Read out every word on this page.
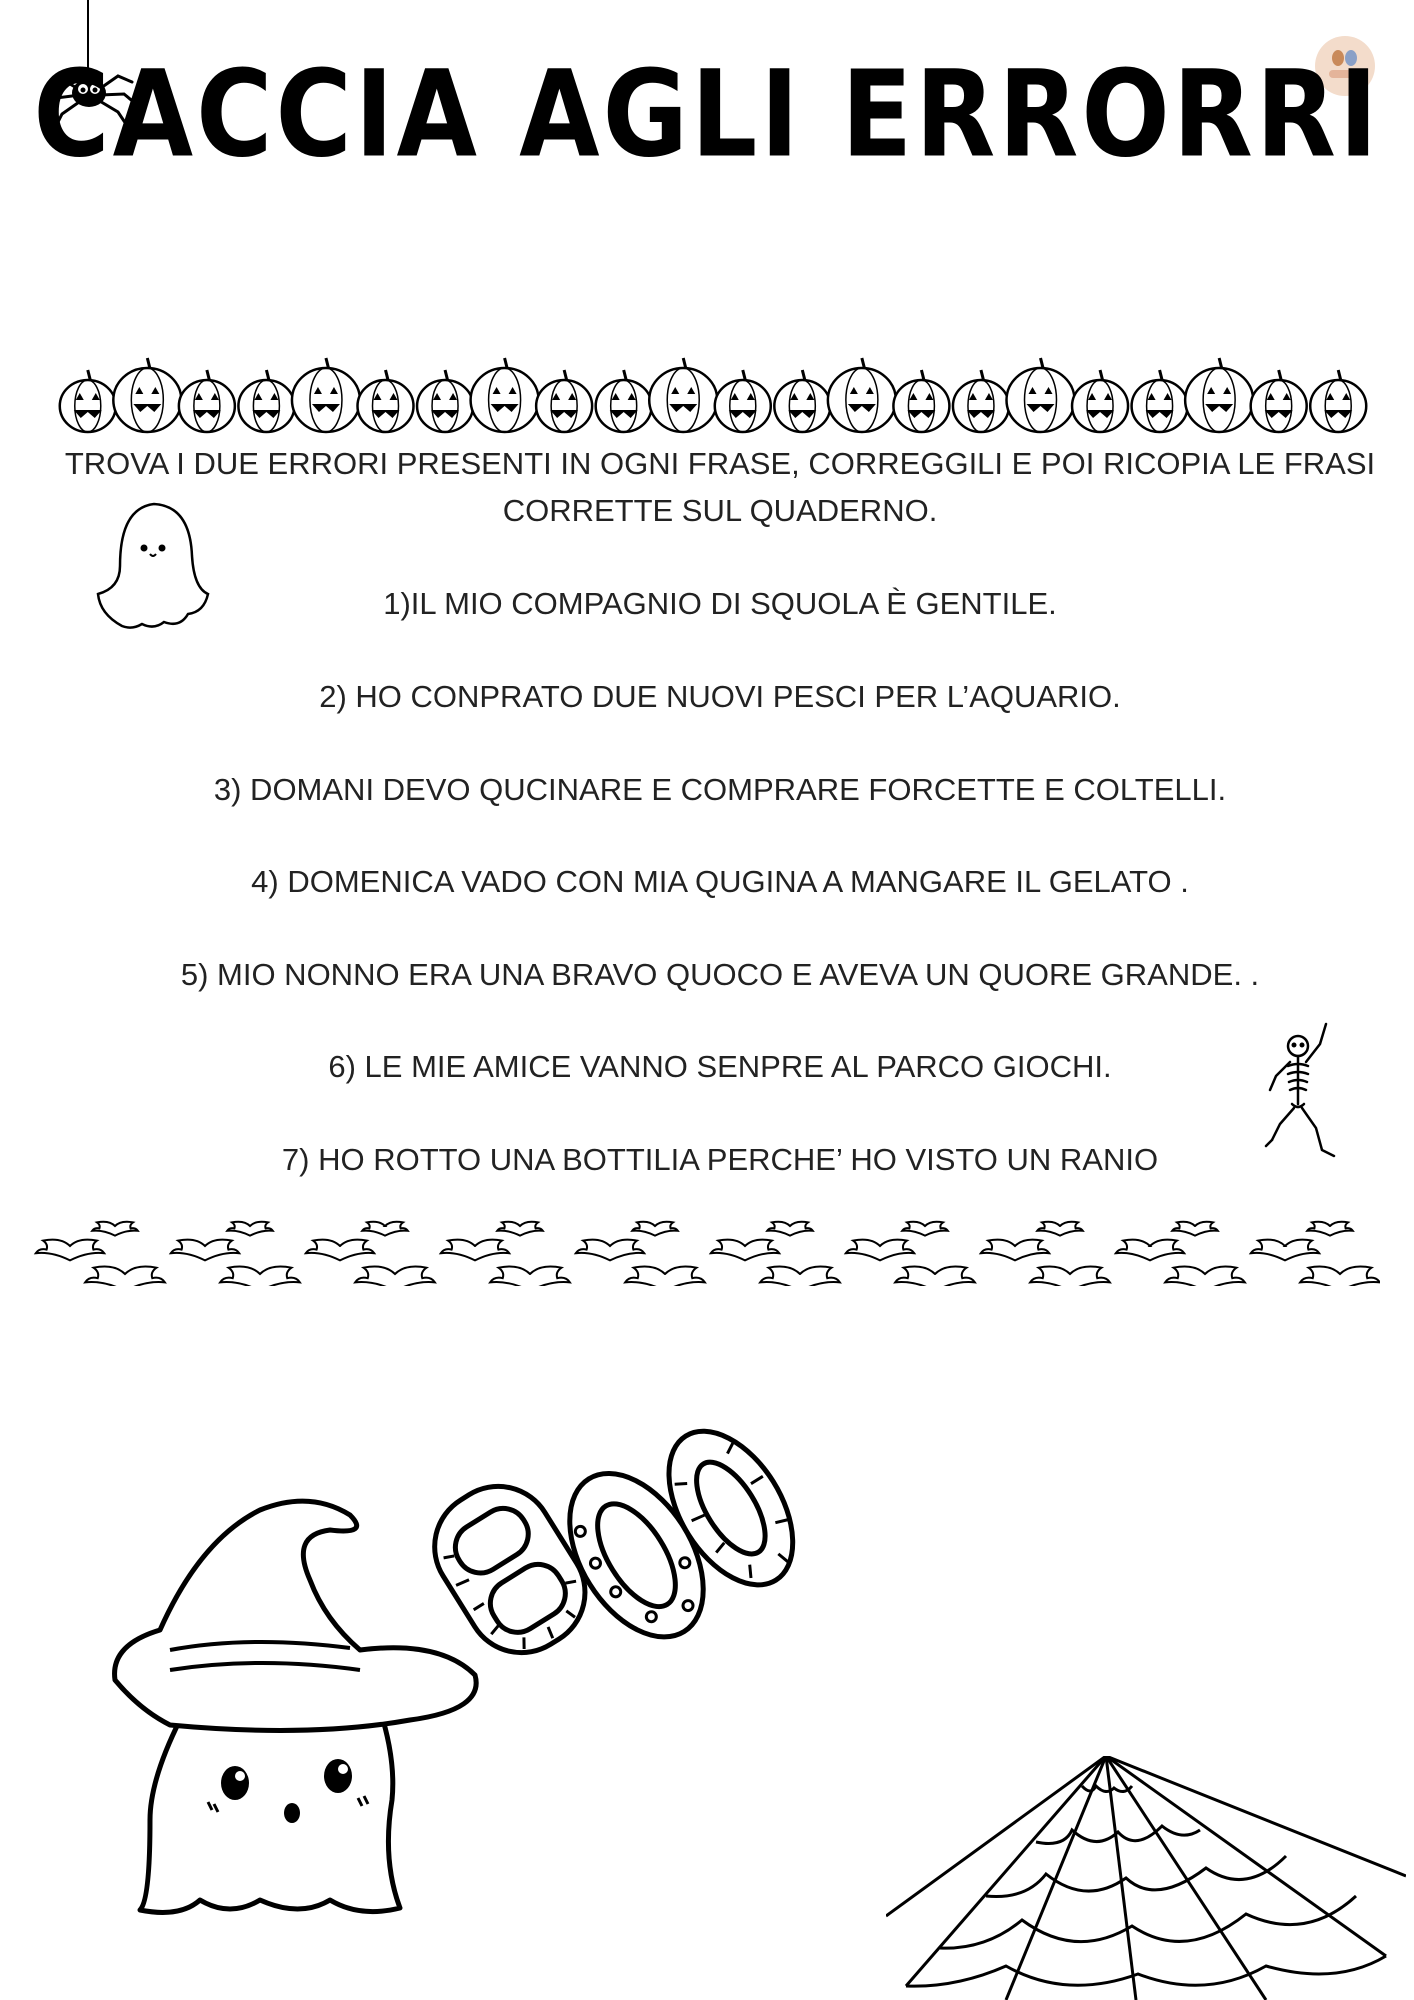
CACCIA AGLI ERRORRI

TROVA I DUE ERRORI PRESENTI IN OGNI FRASE, CORREGGILI E POI RICOPIA LE FRASI CORRETTE SUL QUADERNO.

1)IL MIO COMPAGNIO DI SQUOLA È GENTILE.
2) HO CONPRATO DUE NUOVI PESCI PER L’AQUARIO.
3) DOMANI DEVO QUCINARE E COMPRARE FORCETTE E COLTELLI.
4) DOMENICA VADO CON MIA QUGINA A MANGARE IL GELATO .
5) MIO NONNO ERA UNA BRAVO QUOCO E AVEVA UN QUORE GRANDE. .
6) LE MIE AMICE VANNO SENPRE AL PARCO GIOCHI.
7) HO ROTTO UNA BOTTILIA PERCHE’ HO VISTO UN RANIO
